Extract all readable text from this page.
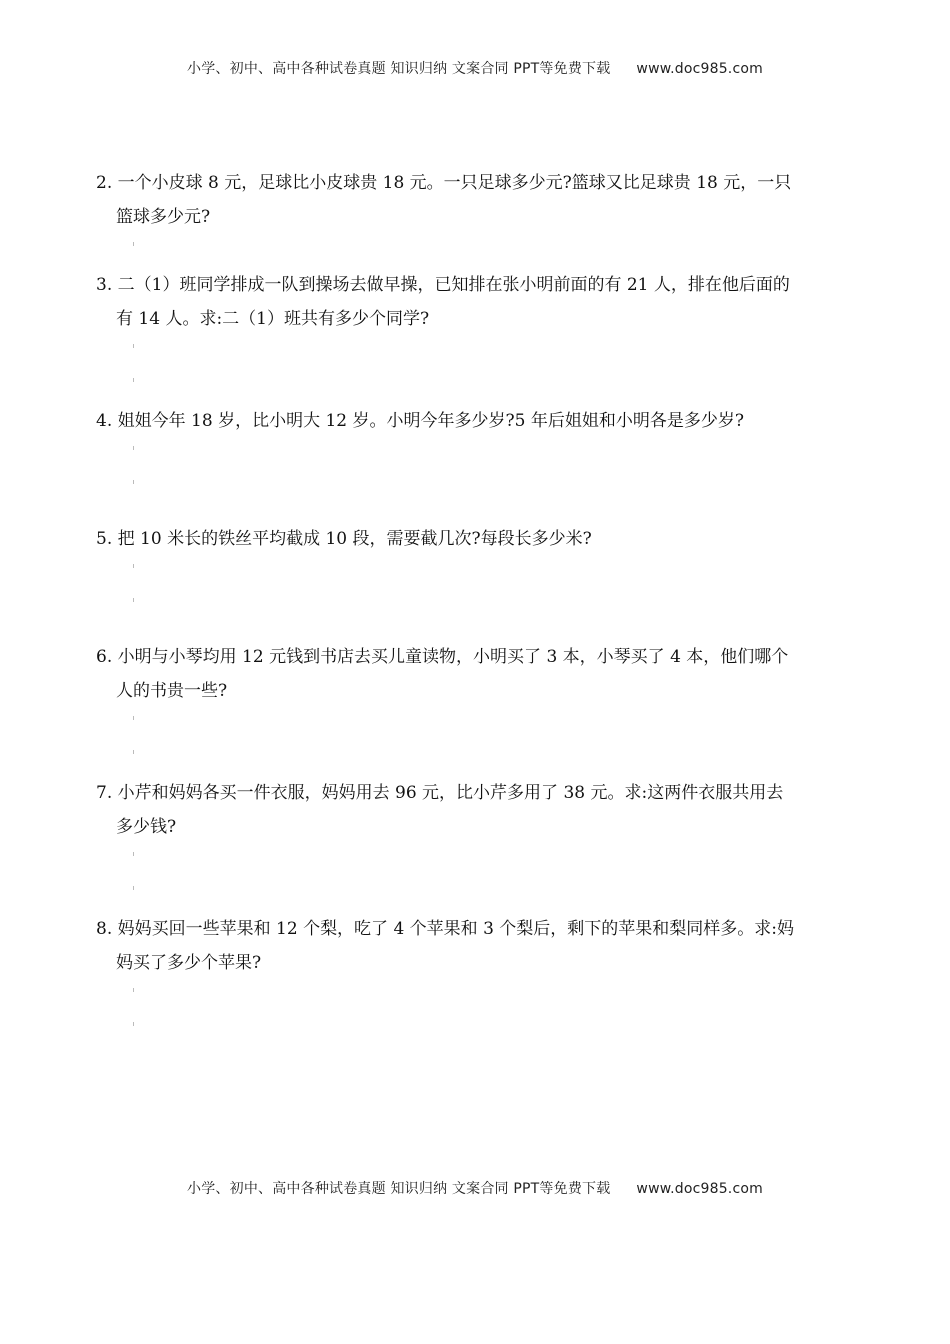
小学、初中、高中各种试卷真题 知识归纳 文案合同 PPT等免费下载 www.doc985.com
2. 一个小皮球 8 元，足球比小皮球贵 18 元。一只足球多少元?篮球又比足球贵 18 元，一只
篮球多少元?
3. 二（1）班同学排成一队到操场去做早操，已知排在张小明前面的有 21 人，排在他后面的
有 14 人。求:二（1）班共有多少个同学?
4. 姐姐今年 18 岁，比小明大 12 岁。小明今年多少岁?5 年后姐姐和小明各是多少岁?
5. 把 10 米长的铁丝平均截成 10 段，需要截几次?每段长多少米?
6. 小明与小琴均用 12 元钱到书店去买儿童读物，小明买了 3 本，小琴买了 4 本，他们哪个
人的书贵一些?
7. 小芹和妈妈各买一件衣服，妈妈用去 96 元，比小芹多用了 38 元。求:这两件衣服共用去
多少钱?
8. 妈妈买回一些苹果和 12 个梨，吃了 4 个苹果和 3 个梨后，剩下的苹果和梨同样多。求:妈
妈买了多少个苹果?
小学、初中、高中各种试卷真题 知识归纳 文案合同 PPT等免费下载 www.doc985.com
